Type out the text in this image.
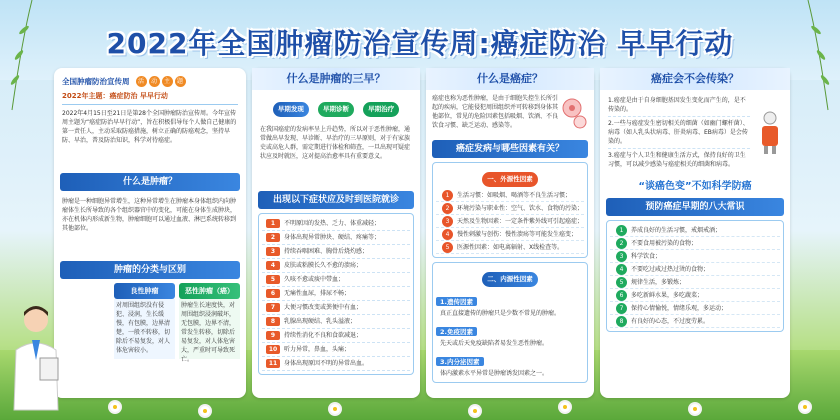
2022年全国肿瘤防治宣传周:癌症防治 早早行动
全国肿瘤防治宣传周	活	动	主	题
2022年主题：癌症防治 早早行动
2022年4月15日至21日是第28个全国肿瘤防治宣传周。今年宣传周主题为“癌症防治早早行动”，旨在积极倡导每个人做自己健康的第一责任人，主动采取防癌措施，树立正确的防癌观念，坚持早防、早治，普及防治知识，科学对待癌症。
什么是肿瘤？
肿瘤是一种细胞异常增生，这种异常增生在肿瘤本身体组织内向肿瘤体生长所导致的各个组织器官中的变化，可能在身体生成肿块，亦在机体内形成新生物，肿瘤细胞可以通过血液、淋巴系统转移到其他部位。
肿瘤的分类与区别
良性肿瘤
对周围组织没有侵犯、浸润，生长缓慢，有包膜，边界清楚，一般不转移，切除后不易复发，对人体危害较小。
恶性肿瘤（癌）
肿瘤生长速度快，对周围组织浸润破坏，无包膜，边界不清，常发生转移，切除后易复发，对人体危害大，严重时可导致死亡。
什么是肿瘤的三早？
早期发现	早期诊断	早期治疗
在我国癌症的发病率呈上升趋势，所以对于恶性肿瘤，通常做出早发现、早诊断、早治疗的三早原则，对于有家族史或高危人群，需定期进行体检和筛查，一旦出现可疑症状应及时就医，这对提高治愈率具有重要意义。
出现以下症状应及时到医院就诊
1 不明原因的发热、乏力、体重减轻；
2 身体出现异常肿块、硬结、疼痛等；
3 持续吞咽困难、胸骨后烧灼感；
4 皮肤或粘膜长久不愈的溃疡；
5 久咳不愈或痰中带血；
6 无痛性血尿，排尿不畅；
7 大便习惯改变或粪便中有血；
8 乳腺出现硬结、乳头溢液；
9 持续性消化不良和食欲减退；
10 听力异常，鼻血，头痛；
11 身体出现原因不明的异常出血。
什么是癌症？
癌症也称为恶性肿瘤，是由于细胞失控生长所引起的疾病，它能侵犯周围组织并可转移到身体其他部位，常见的危险因素包括吸烟、饮酒、不良饮食习惯、缺乏运动、感染等。
癌症发病与哪些因素有关？
一、外源性因素
1 生活习惯：如吸烟、喝酒等不良生活习惯；
2 环境污染与职业性：空气、饮水、食物的污染；
3 天然及生物因素：一定条件紫外线可引起癌症；
4 慢性刺激与创伤：慢性溃疡等可能发生癌变；
5 医源性因素：如电离辐射、X线检查等。
二、内源性因素
1.遗传因素
真正直接遗传的肿瘤只是少数不常见的肿瘤。
2.免疫因素
先天或后天免疫缺陷者易发生恶性肿瘤。
3.内分泌因素
体内激素水平异常是肿瘤诱发因素之一。
癌症会不会传染？
1.癌症是由于自身细胞基因发生变化而产生的，是不传染的。
2.一些与癌症发生密切相关的细菌（如幽门螺杆菌）、病毒（如人乳头状病毒、肝炎病毒、EB病毒）是会传染的。
3.癌症与个人卫生和健康生活方式，保持良好的卫生习惯，可以减少感染与癌症相关的细菌和病毒。
“谈癌色变”不如科学防癌
预防癌症早期的八大常识
1 养成良好的生活习惯，戒烟戒酒；
2 不要食用被污染的食物；
3 科学饮食；
4 不要吃过咸过热过烫的食物；
5 规律生活，多锻炼；
6 多吃新鲜水果，多吃蔬菜；
7 保持心情愉悦，情绪乐观，多运动；
8 有良好的心态，不过度劳累。
